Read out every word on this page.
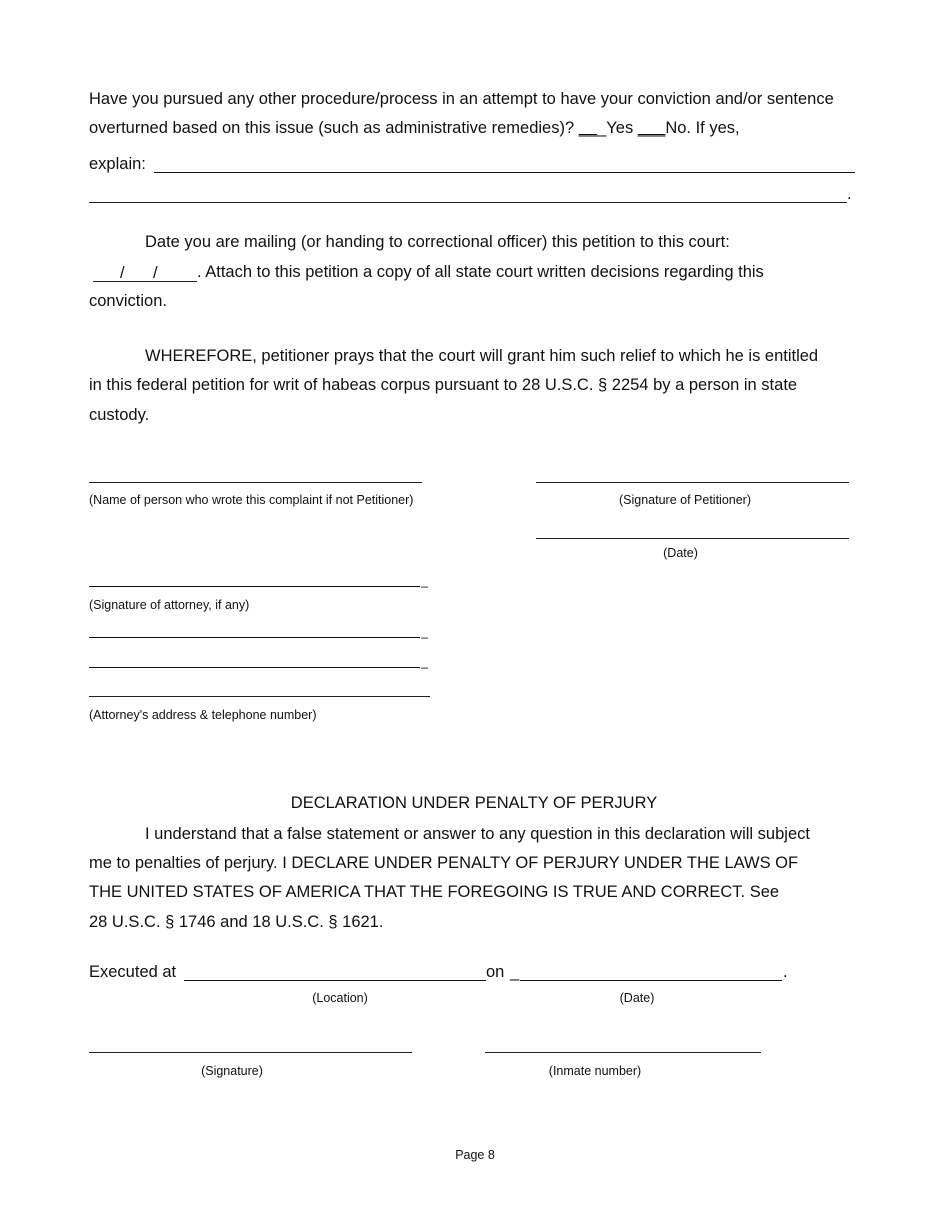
Have you pursued any other procedure/process in an attempt to have your conviction and/or sentence
overturned based on this issue (such as administrative remedies)? ___Yes ___No. If yes,
explain:
.
Date you are mailing (or handing to correctional officer) this petition to this court:
/ / . Attach to this petition a copy of all state court written decisions regarding this
conviction.
WHEREFORE, petitioner prays that the court will grant him such relief to which he is entitled
in this federal petition for writ of habeas corpus pursuant to 28 U.S.C. § 2254 by a person in state
custody.
(Name of person who wrote this complaint if not Petitioner)	(Signature of Petitioner)
(Date)
_
(Signature of attorney, if any)
_
_
(Attorney's address & telephone number)
DECLARATION UNDER PENALTY OF PERJURY
I understand that a false statement or answer to any question in this declaration will subject
me to penalties of perjury. I DECLARE UNDER PENALTY OF PERJURY UNDER THE LAWS OF
THE UNITED STATES OF AMERICA THAT THE FOREGOING IS TRUE AND CORRECT. See
28 U.S.C. § 1746 and 18 U.S.C. § 1621.
Executed at	on _	.
(Location)	(Date)
(Signature)	(Inmate number)
Page 8
